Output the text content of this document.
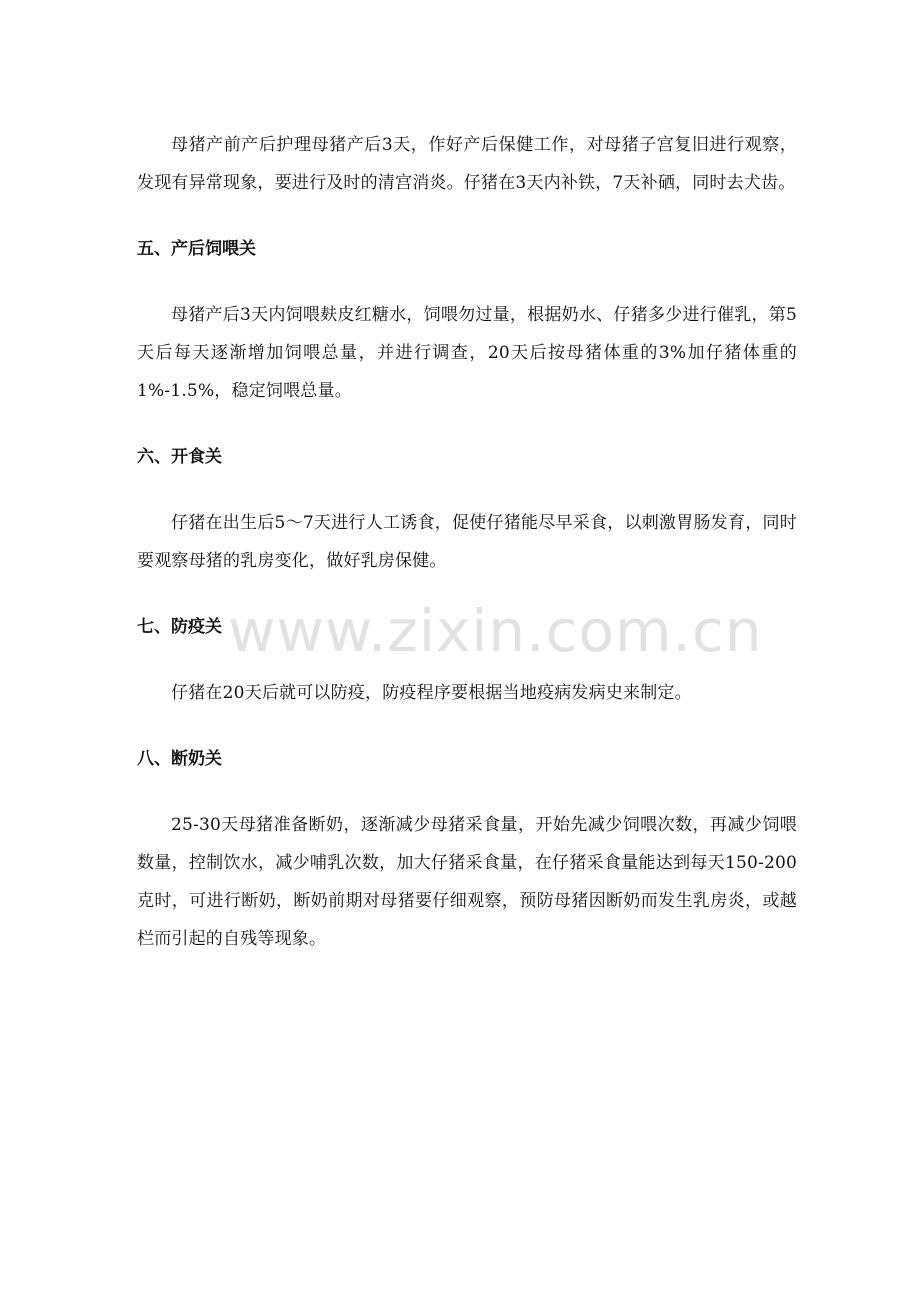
母猪产前产后护理母猪产后3天，作好产后保健工作，对母猪子宫复旧进行观察，发现有异常现象，要进行及时的清宫消炎。仔猪在3天内补铁，7天补硒，同时去犬齿。

五、产后饲喂关

母猪产后3天内饲喂麸皮红糖水，饲喂勿过量，根据奶水、仔猪多少进行催乳，第5天后每天逐渐增加饲喂总量，并进行调查，20天后按母猪体重的3%加仔猪体重的1%-1.5%，稳定饲喂总量。

六、开食关

仔猪在出生后5～7天进行人工诱食，促使仔猪能尽早采食，以刺激胃肠发育，同时要观察母猪的乳房变化，做好乳房保健。

七、防疫关

仔猪在20天后就可以防疫，防疫程序要根据当地疫病发病史来制定。

八、断奶关

25-30天母猪准备断奶，逐渐减少母猪采食量，开始先减少饲喂次数，再减少饲喂数量，控制饮水，减少哺乳次数，加大仔猪采食量，在仔猪采食量能达到每天150-200克时，可进行断奶，断奶前期对母猪要仔细观察，预防母猪因断奶而发生乳房炎，或越栏而引起的自残等现象。

www.zixin.com.cn
